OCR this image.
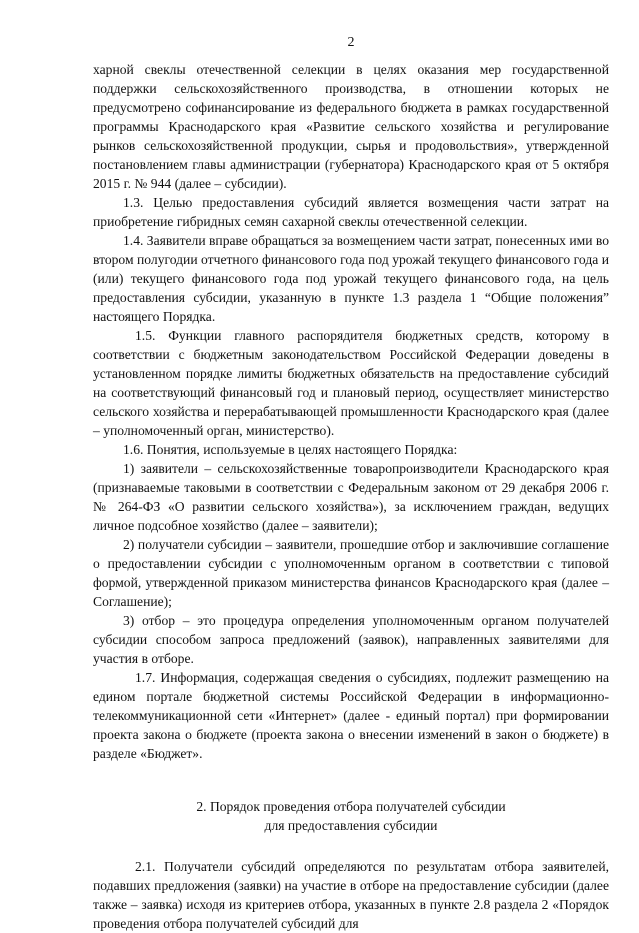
2

харной свеклы отечественной селекции в целях оказания мер государственной поддержки сельскохозяйственного производства, в отношении которых не предусмотрено софинансирование из федерального бюджета в рамках государственной программы Краснодарского края «Развитие сельского хозяйства и регулирование рынков сельскохозяйственной продукции, сырья и продовольствия», утвержденной постановлением главы администрации (губернатора) Краснодарского края от 5 октября 2015 г. № 944 (далее – субсидии).

1.3. Целью предоставления субсидий является возмещения части затрат на приобретение гибридных семян сахарной свеклы отечественной селекции.

1.4. Заявители вправе обращаться за возмещением части затрат, понесенных ими во втором полугодии отчетного финансового года под урожай текущего финансового года и (или) текущего финансового года под урожай текущего финансового года, на цель предоставления субсидии, указанную в пункте 1.3 раздела 1 “Общие положения” настоящего Порядка.

1.5. Функции главного распорядителя бюджетных средств, которому в соответствии с бюджетным законодательством Российской Федерации доведены в установленном порядке лимиты бюджетных обязательств на предоставление субсидий на соответствующий финансовый год и плановый период, осуществляет министерство сельского хозяйства и перерабатывающей промышленности Краснодарского края (далее – уполномоченный орган, министерство).

1.6. Понятия, используемые в целях настоящего Порядка:

1) заявители – сельскохозяйственные товаропроизводители Краснодарского края (признаваемые таковыми в соответствии с Федеральным законом от 29 декабря 2006 г. № 264-ФЗ «О развитии сельского хозяйства»), за исключением граждан, ведущих личное подсобное хозяйство (далее – заявители);

2) получатели субсидии – заявители, прошедшие отбор и заключившие соглашение о предоставлении субсидии с уполномоченным органом в соответствии с типовой формой, утвержденной приказом министерства финансов Краснодарского края (далее – Соглашение);

3) отбор – это процедура определения уполномоченным органом получателей субсидии способом запроса предложений (заявок), направленных заявителями для участия в отборе.

1.7. Информация, содержащая сведения о субсидиях, подлежит размещению на едином портале бюджетной системы Российской Федерации в информационно-телекоммуникационной сети «Интернет» (далее - единый портал) при формировании проекта закона о бюджете (проекта закона о внесении изменений в закон о бюджете) в разделе «Бюджет».

2. Порядок проведения отбора получателей субсидии
для предоставления субсидии

2.1. Получатели субсидий определяются по результатам отбора заявителей, подавших предложения (заявки) на участие в отборе на предоставление субсидии (далее также – заявка) исходя из критериев отбора, указанных в пункте 2.8 раздела 2 «Порядок проведения отбора получателей субсидий для
